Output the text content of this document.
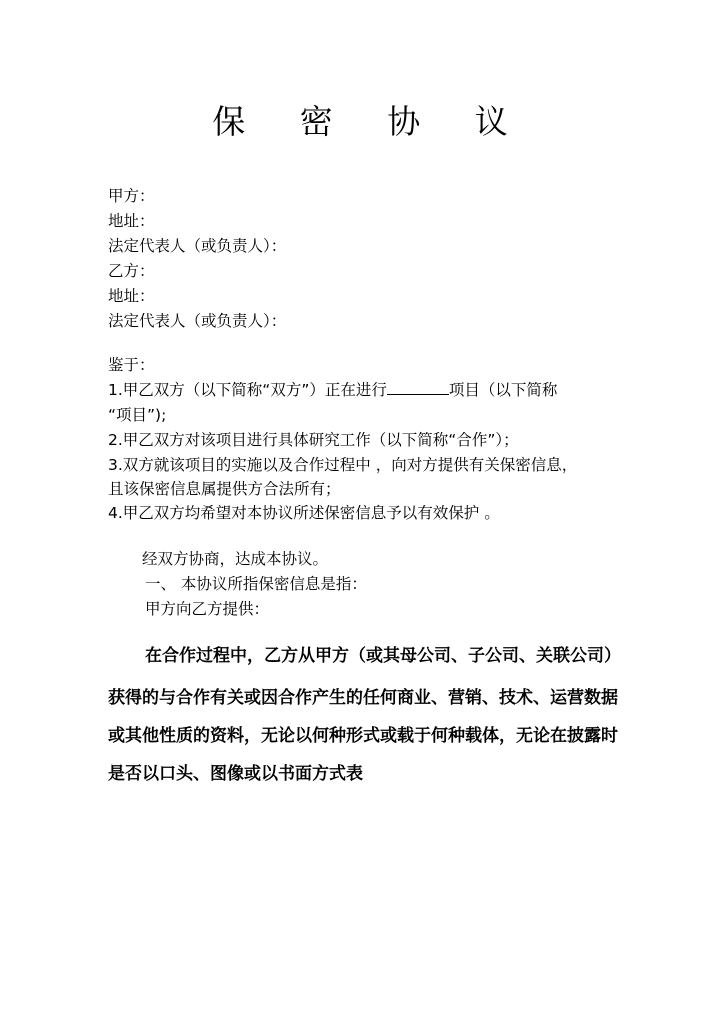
保 密 协 议
甲方：
地址：
法定代表人（或负责人）：
乙方：
地址：
法定代表人（或负责人）：
鉴于：
1.甲乙双方（以下简称“双方”）正在进行	项目（以下简称
“项目”);
2.甲乙双方对该项目进行具体研究工作（以下简称“合作”）；
3.双方就该项目的实施以及合作过程中 ，向对方提供有关保密信息，
且该保密信息属提供方合法所有；
4.甲乙双方均希望对本协议所述保密信息予以有效保护 。
经双方协商，达成本协议。
一、 本协议所指保密信息是指：
甲方向乙方提供：
在合作过程中，乙方从甲方（或其母公司、子公司、关联公司）
获得的与合作有关或因合作产生的任何商业、营销、技术、运营数据
或其他性质的资料，无论以何种形式或载于何种载体，无论在披露时
是否以口头、图像或以书面方式表
